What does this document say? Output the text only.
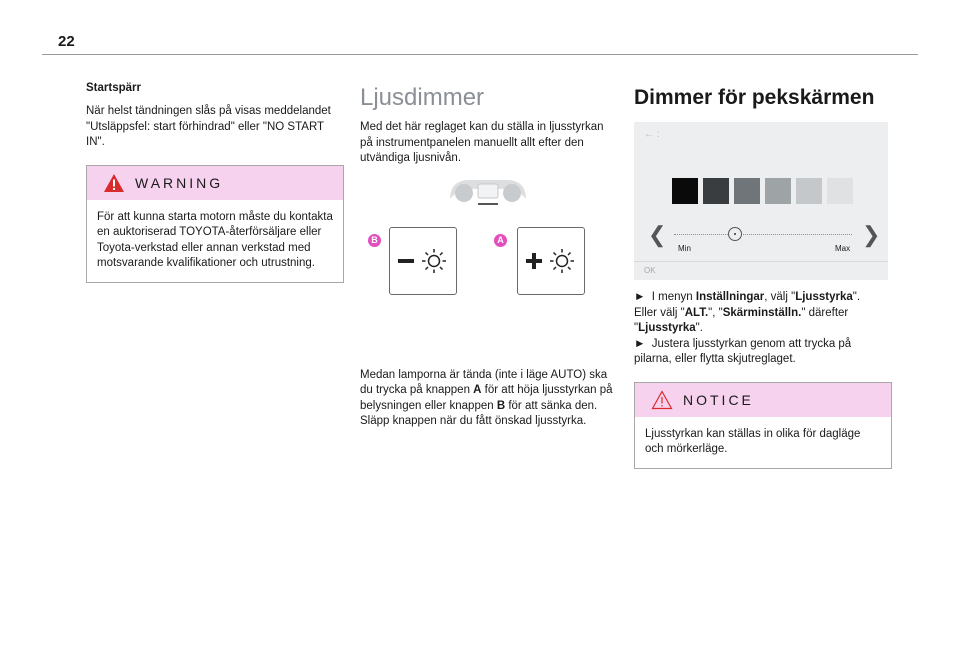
22
Startspärr

När helst tändningen slås på visas meddelandet "Utsläppsfel: start förhindrad" eller "NO START IN".

WARNING

För att kunna starta motorn måste du kontakta en auktoriserad TOYOTA-återförsäljare eller Toyota-verkstad eller annan verkstad med motsvarande kvalifikationer och utrustning.

Ljusdimmer

Med det här reglaget kan du ställa in ljusstyrkan på instrumentpanelen manuellt allt efter den utvändiga ljusnivån.

B	A

Medan lamporna är tända (inte i läge AUTO) ska du trycka på knappen A för att höja ljusstyrkan på belysningen eller knappen B för att sänka den.

Släpp knappen när du fått önskad ljusstyrka.

Dimmer för pekskärmen
← :
❮	❯
Min	Max
OK

► I menyn Inställningar, välj "Ljusstyrka".

Eller välj "ALT.", "Skärminställn." därefter "Ljusstyrka".

► Justera ljusstyrkan genom att trycka på pilarna, eller flytta skjutreglaget.

NOTICE

Ljusstyrkan kan ställas in olika för dagläge och mörkerläge.
